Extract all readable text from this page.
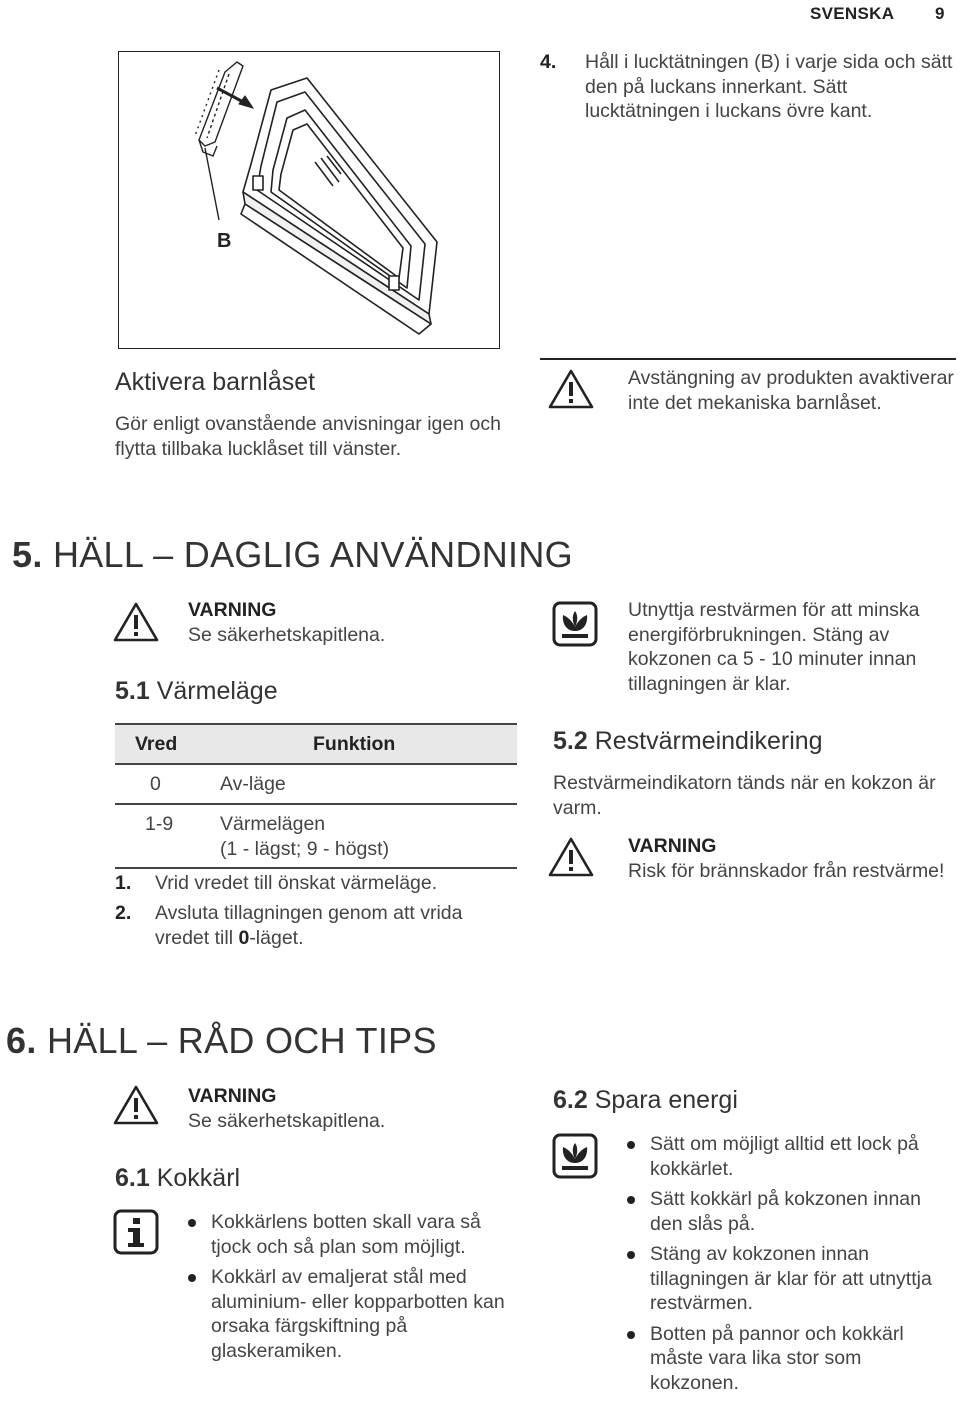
SVENSKA 9
B
4. Håll i lucktätningen (B) i varje sida och sätt den på luckans innerkant. Sätt lucktätningen i luckans övre kant.
Aktivera barnlåset
Gör enligt ovanstående anvisningar igen och flytta tillbaka lucklåset till vänster.
Avstängning av produkten avaktiverar inte det mekaniska barnlåset.
5. HÄLL – DAGLIG ANVÄNDNING
VARNING
Se säkerhetskapitlena.
5.1 Värmeläge
Vred	Funktion
0	Av-läge
1-9 Värmelägen
(1 - lägst; 9 - högst)
1. Vrid vredet till önskat värmeläge.
2. Avsluta tillagningen genom att vrida vredet till 0-läget.
Utnyttja restvärmen för att minska energiförbrukningen. Stäng av kokzonen ca 5 - 10 minuter innan tillagningen är klar.
5.2 Restvärmeindikering
Restvärmeindikatorn tänds när en kokzon är varm.
VARNING
Risk för brännskador från restvärme!
6. HÄLL – RÅD OCH TIPS
VARNING
Se säkerhetskapitlena.
6.1 Kokkärl
Kokkärlens botten skall vara så tjock och så plan som möjligt.
Kokkärl av emaljerat stål med aluminium- eller kopparbotten kan orsaka färgskiftning på glaskeramiken.
6.2 Spara energi
Sätt om möjligt alltid ett lock på kokkärlet.
Sätt kokkärl på kokzonen innan den slås på.
Stäng av kokzonen innan tillagningen är klar för att utnyttja restvärmen.
Botten på pannor och kokkärl måste vara lika stor som kokzonen.
